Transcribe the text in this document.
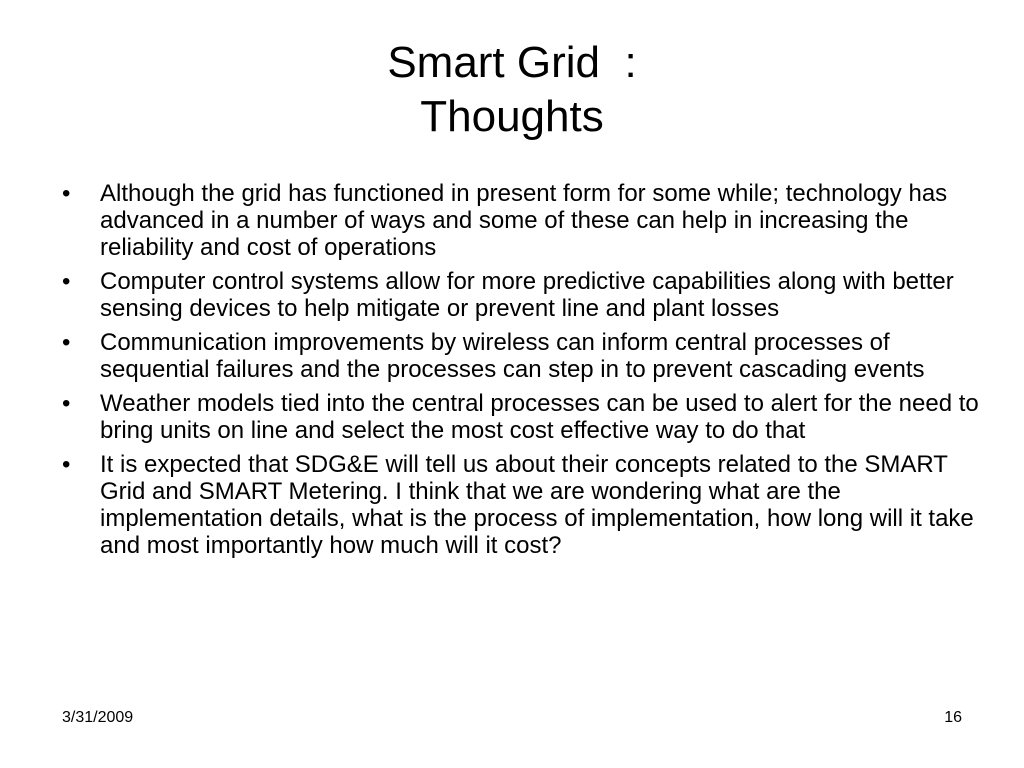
Smart Grid  :
Thoughts
• Although the grid has functioned in present form for some while; technology has advanced in a number of ways and some of these can help in increasing the reliability and cost of operations
• Computer control systems allow for more predictive capabilities along with better sensing devices to help mitigate or prevent line and plant losses
• Communication improvements by wireless can inform central processes of sequential failures and the processes can step in to prevent cascading events
• Weather models tied into the central processes can be used to alert for the need to bring units on line and select the most cost effective way to do that
• It is expected that SDG&E will tell us about their concepts related to the SMART Grid and SMART Metering. I think that we are wondering what are the implementation details, what is the process of implementation, how long will it take and most importantly how much will it cost?
3/31/2009	16
